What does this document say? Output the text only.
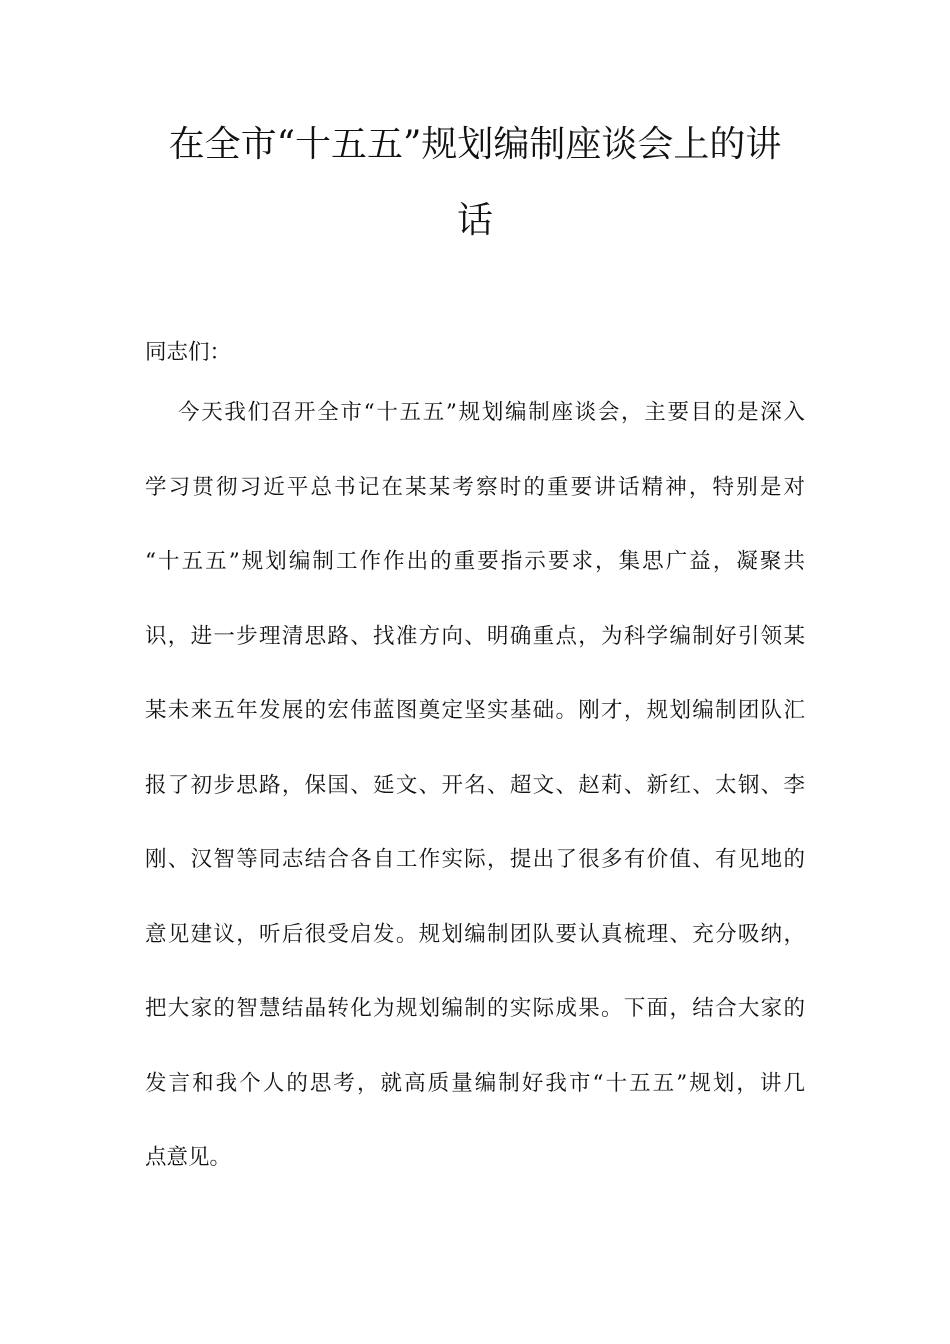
在全市“十五五”规划编制座谈会上的讲
话

同志们：

今天我们召开全市“十五五”规划编制座谈会，主要目的是深入

学习贯彻习近平总书记在某某考察时的重要讲话精神，特别是对

“十五五”规划编制工作作出的重要指示要求，集思广益，凝聚共

识，进一步理清思路、找准方向、明确重点，为科学编制好引领某

某未来五年发展的宏伟蓝图奠定坚实基础。刚才，规划编制团队汇

报了初步思路，保国、延文、开名、超文、赵莉、新红、太钢、李

刚、汉智等同志结合各自工作实际，提出了很多有价值、有见地的

意见建议，听后很受启发。规划编制团队要认真梳理、充分吸纳，

把大家的智慧结晶转化为规划编制的实际成果。下面，结合大家的

发言和我个人的思考，就高质量编制好我市“十五五”规划，讲几

点意见。
